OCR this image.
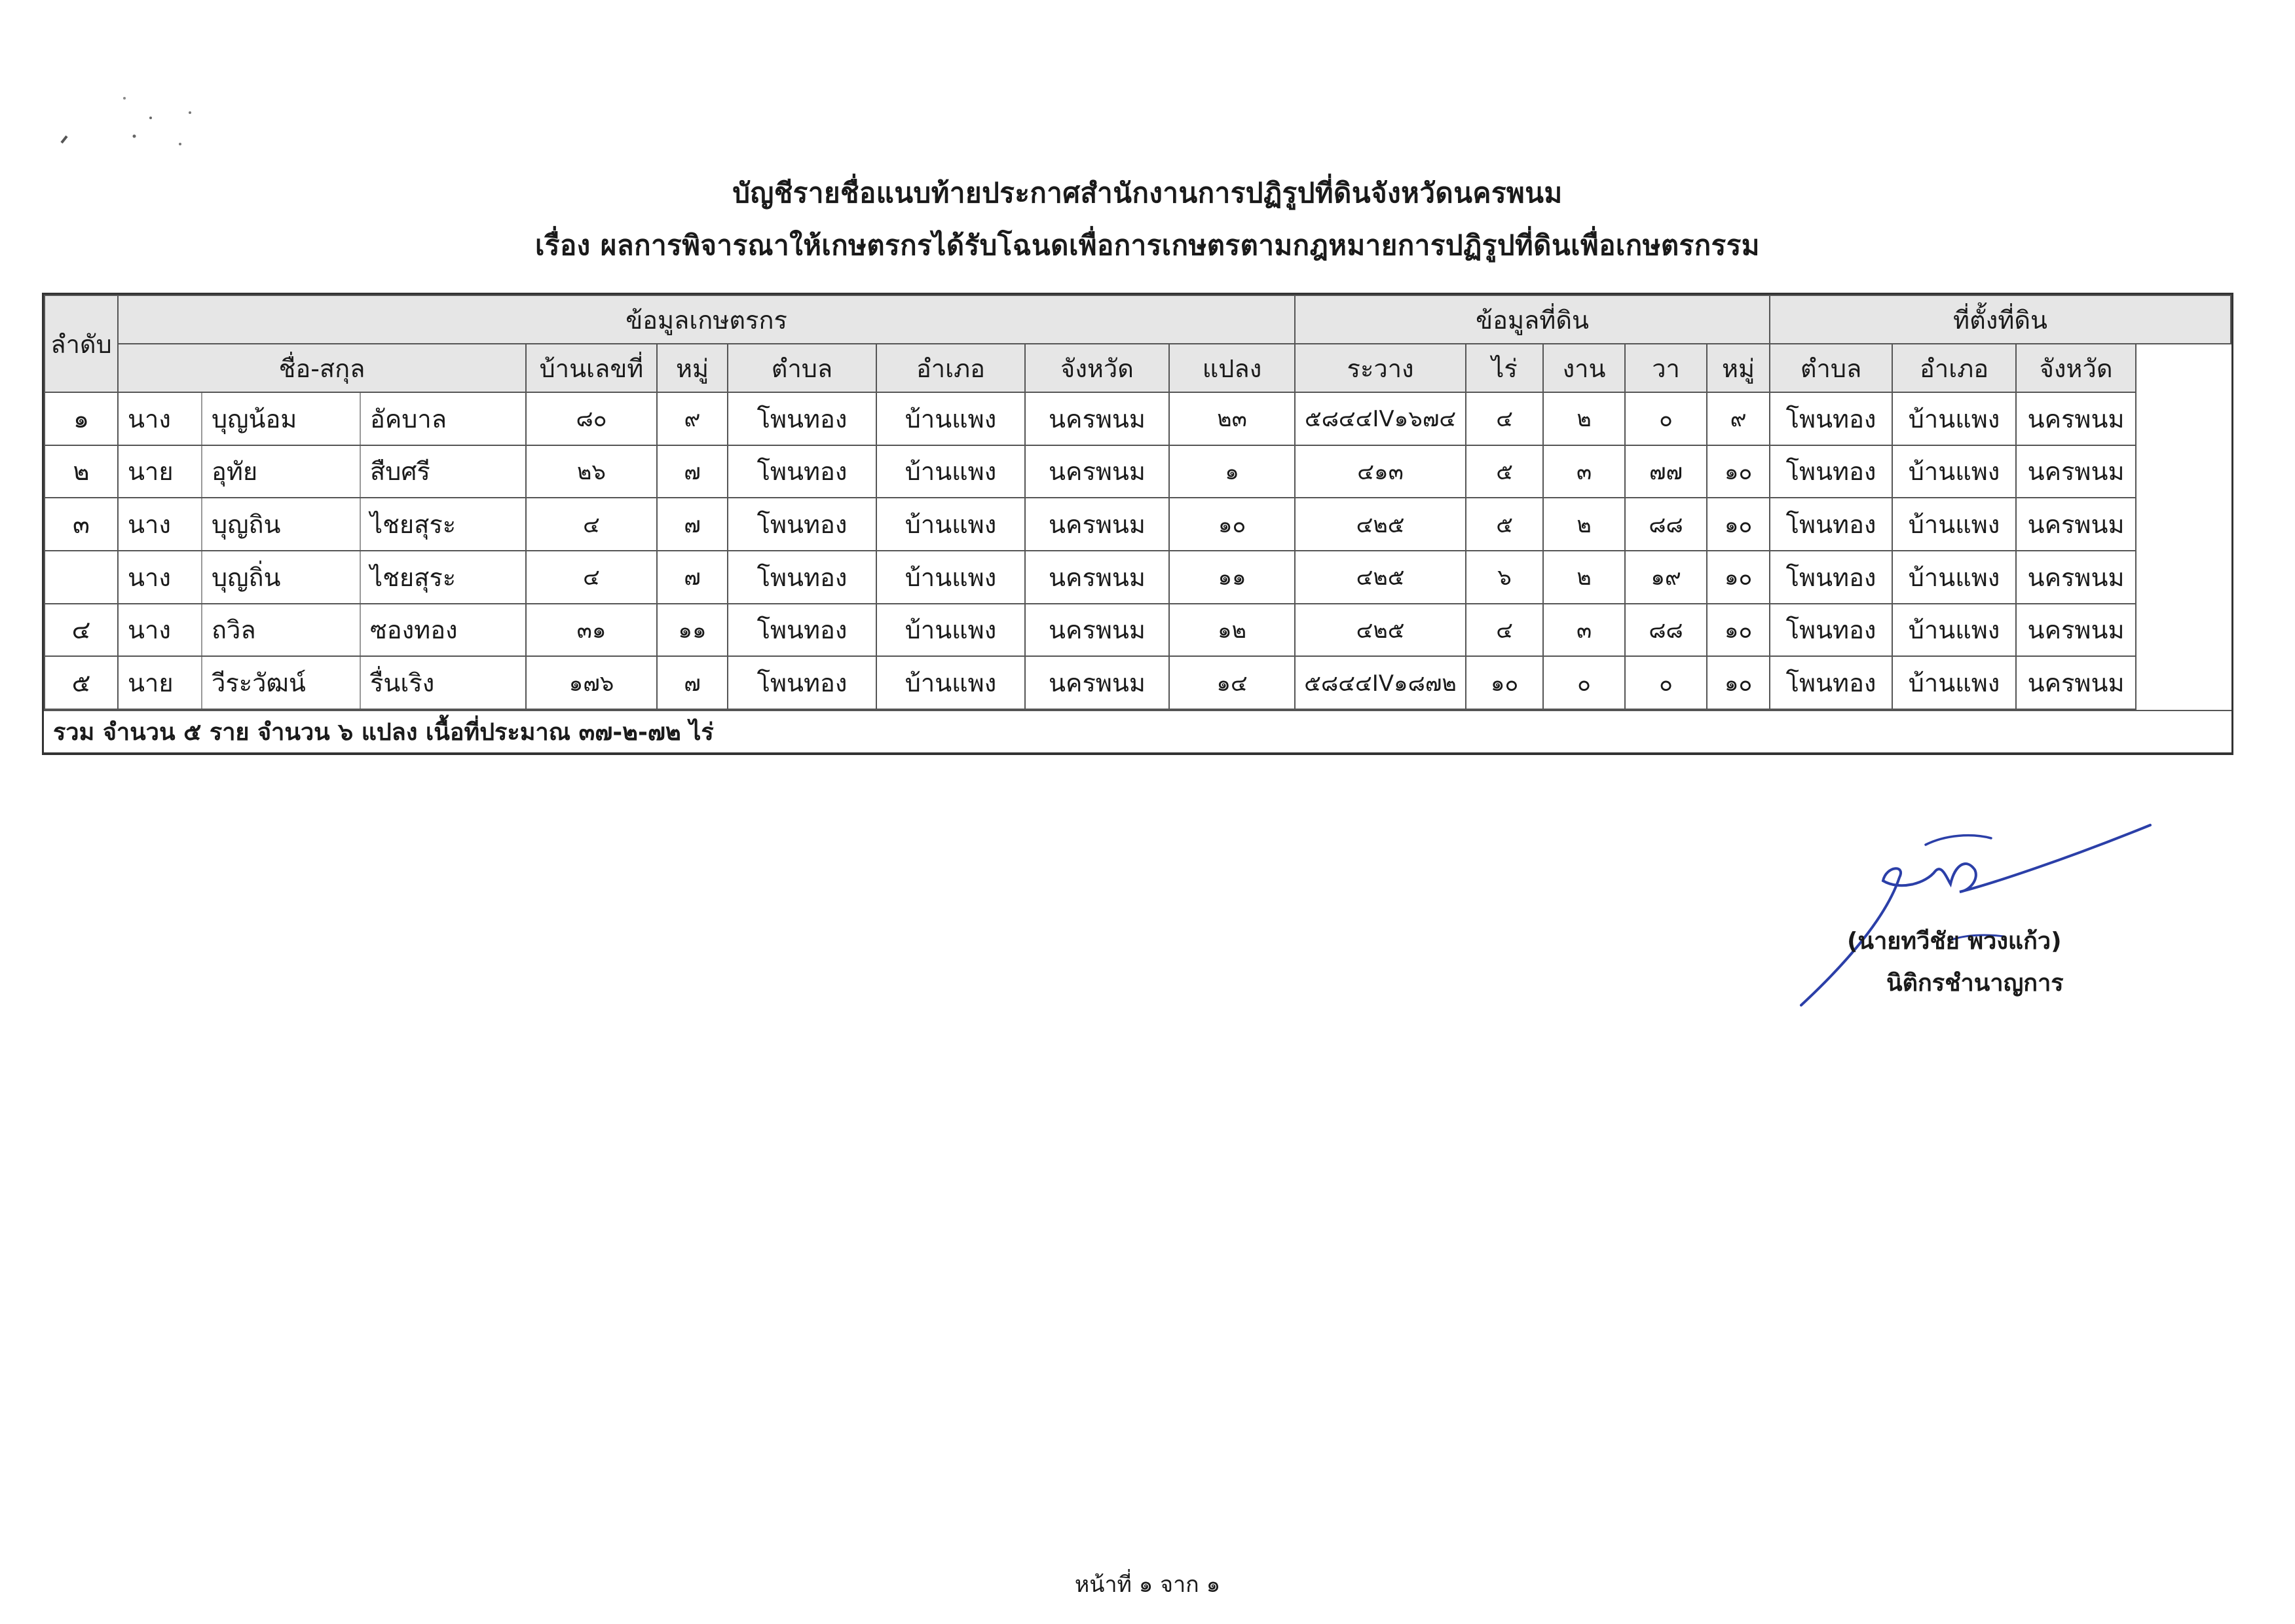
บัญชีรายชื่อแนบท้ายประกาศสำนักงานการปฏิรูปที่ดินจังหวัดนครพนม
เรื่อง ผลการพิจารณาให้เกษตรกรได้รับโฉนดเพื่อการเกษตรตามกฎหมายการปฏิรูปที่ดินเพื่อเกษตรกรรม
ลำดับ	ข้อมูลเกษตรกร									ข้อมูลที่ดิน					ที่ตั้งที่ดิน		
	ชื่อ-สกุล			บ้านเลขที่	หมู่	ตำบล	อำเภอ	จังหวัด	แปลง	ระวาง	ไร่	งาน	วา	หมู่	ตำบล	อำเภอ	จังหวัด
๑	นาง	บุญน้อม	อัคบาล	๘๐	๙	โพนทอง	บ้านแพง	นครพนม	๒๓	๕๘๔๔IV๑๖๗๔	๔	๒	๐	๙	โพนทอง	บ้านแพง	นครพนม
๒	นาย	อุทัย	สืบศรี	๒๖	๗	โพนทอง	บ้านแพง	นครพนม	๑	๔๑๓	๕	๓	๗๗	๑๐	โพนทอง	บ้านแพง	นครพนม
๓	นาง	บุญถิน	ไชยสุระ	๔	๗	โพนทอง	บ้านแพง	นครพนม	๑๐	๔๒๕	๕	๒	๘๘	๑๐	โพนทอง	บ้านแพง	นครพนม
	นาง	บุญถิ่น	ไชยสุระ	๔	๗	โพนทอง	บ้านแพง	นครพนม	๑๑	๔๒๕	๖	๒	๑๙	๑๐	โพนทอง	บ้านแพง	นครพนม
๔	นาง	ถวิล	ซองทอง	๓๑	๑๑	โพนทอง	บ้านแพง	นครพนม	๑๒	๔๒๕	๔	๓	๘๘	๑๐	โพนทอง	บ้านแพง	นครพนม
๕	นาย	วีระวัฒน์	รื่นเริง	๑๗๖	๗	โพนทอง	บ้านแพง	นครพนม	๑๔	๕๘๔๔IV๑๘๗๒	๑๐	๐	๐	๑๐	โพนทอง	บ้านแพง	นครพนม
รวม จำนวน ๕ ราย จำนวน ๖ แปลง เนื้อที่ประมาณ ๓๗-๒-๗๒ ไร่
(นายทวีชัย พวงแก้ว)
นิติกรชำนาญการ
หน้าที่ ๑ จาก ๑
